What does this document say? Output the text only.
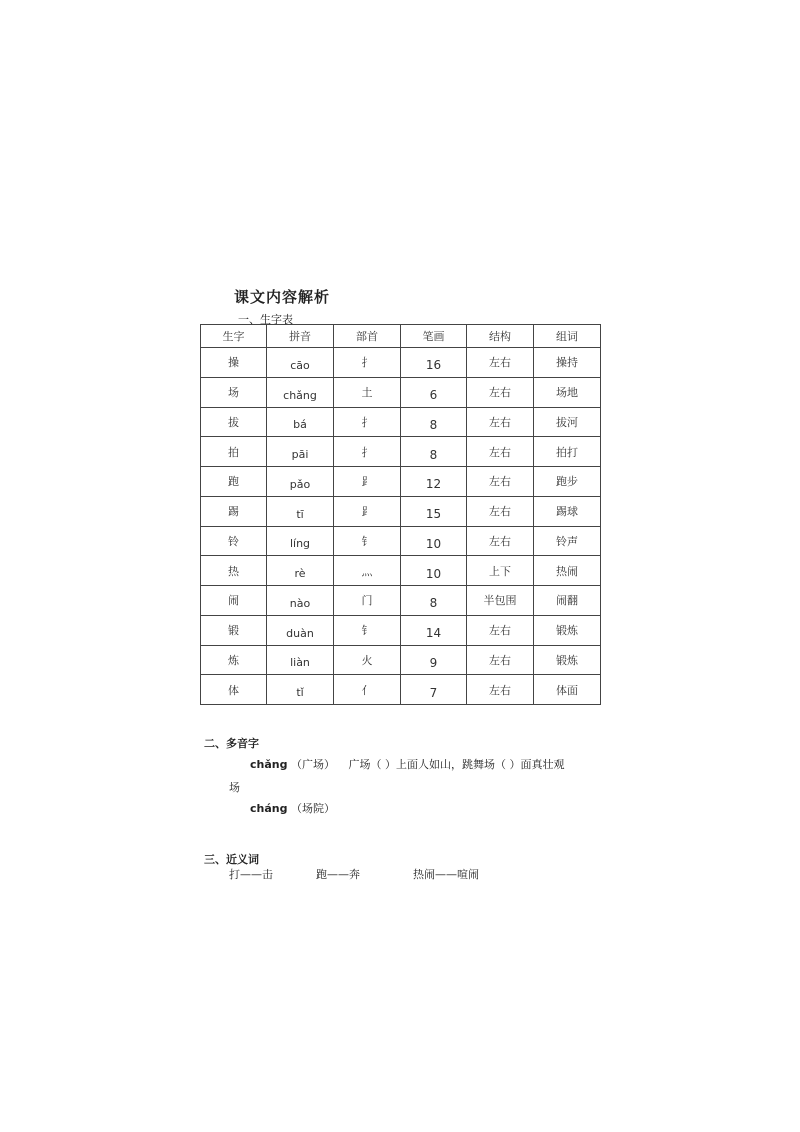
课文内容解析
一、生字表
生字	拼音	部首	笔画	结构	组词
操	cāo	扌	16	左右	操持
场	chǎng	土	6	左右	场地
拔	bá	扌	8	左右	拔河
拍	pāi	扌	8	左右	拍打
跑	pǎo	⻊	12	左右	跑步
踢	tī	⻊	15	左右	踢球
铃	líng	钅	10	左右	铃声
热	rè	灬	10	上下	热闹
闹	nào	门	8	半包围	闹翻
锻	duàn	钅	14	左右	锻炼
炼	liàn	火	9	左右	锻炼
体	tǐ	亻	7	左右	体面
二、多音字
chǎng （广场） 广场（ ）上面人如山，跳舞场（ ）面真壮观
场
cháng （场院）
三、近义词
打——击	跑——奔	热闹——喧闹
